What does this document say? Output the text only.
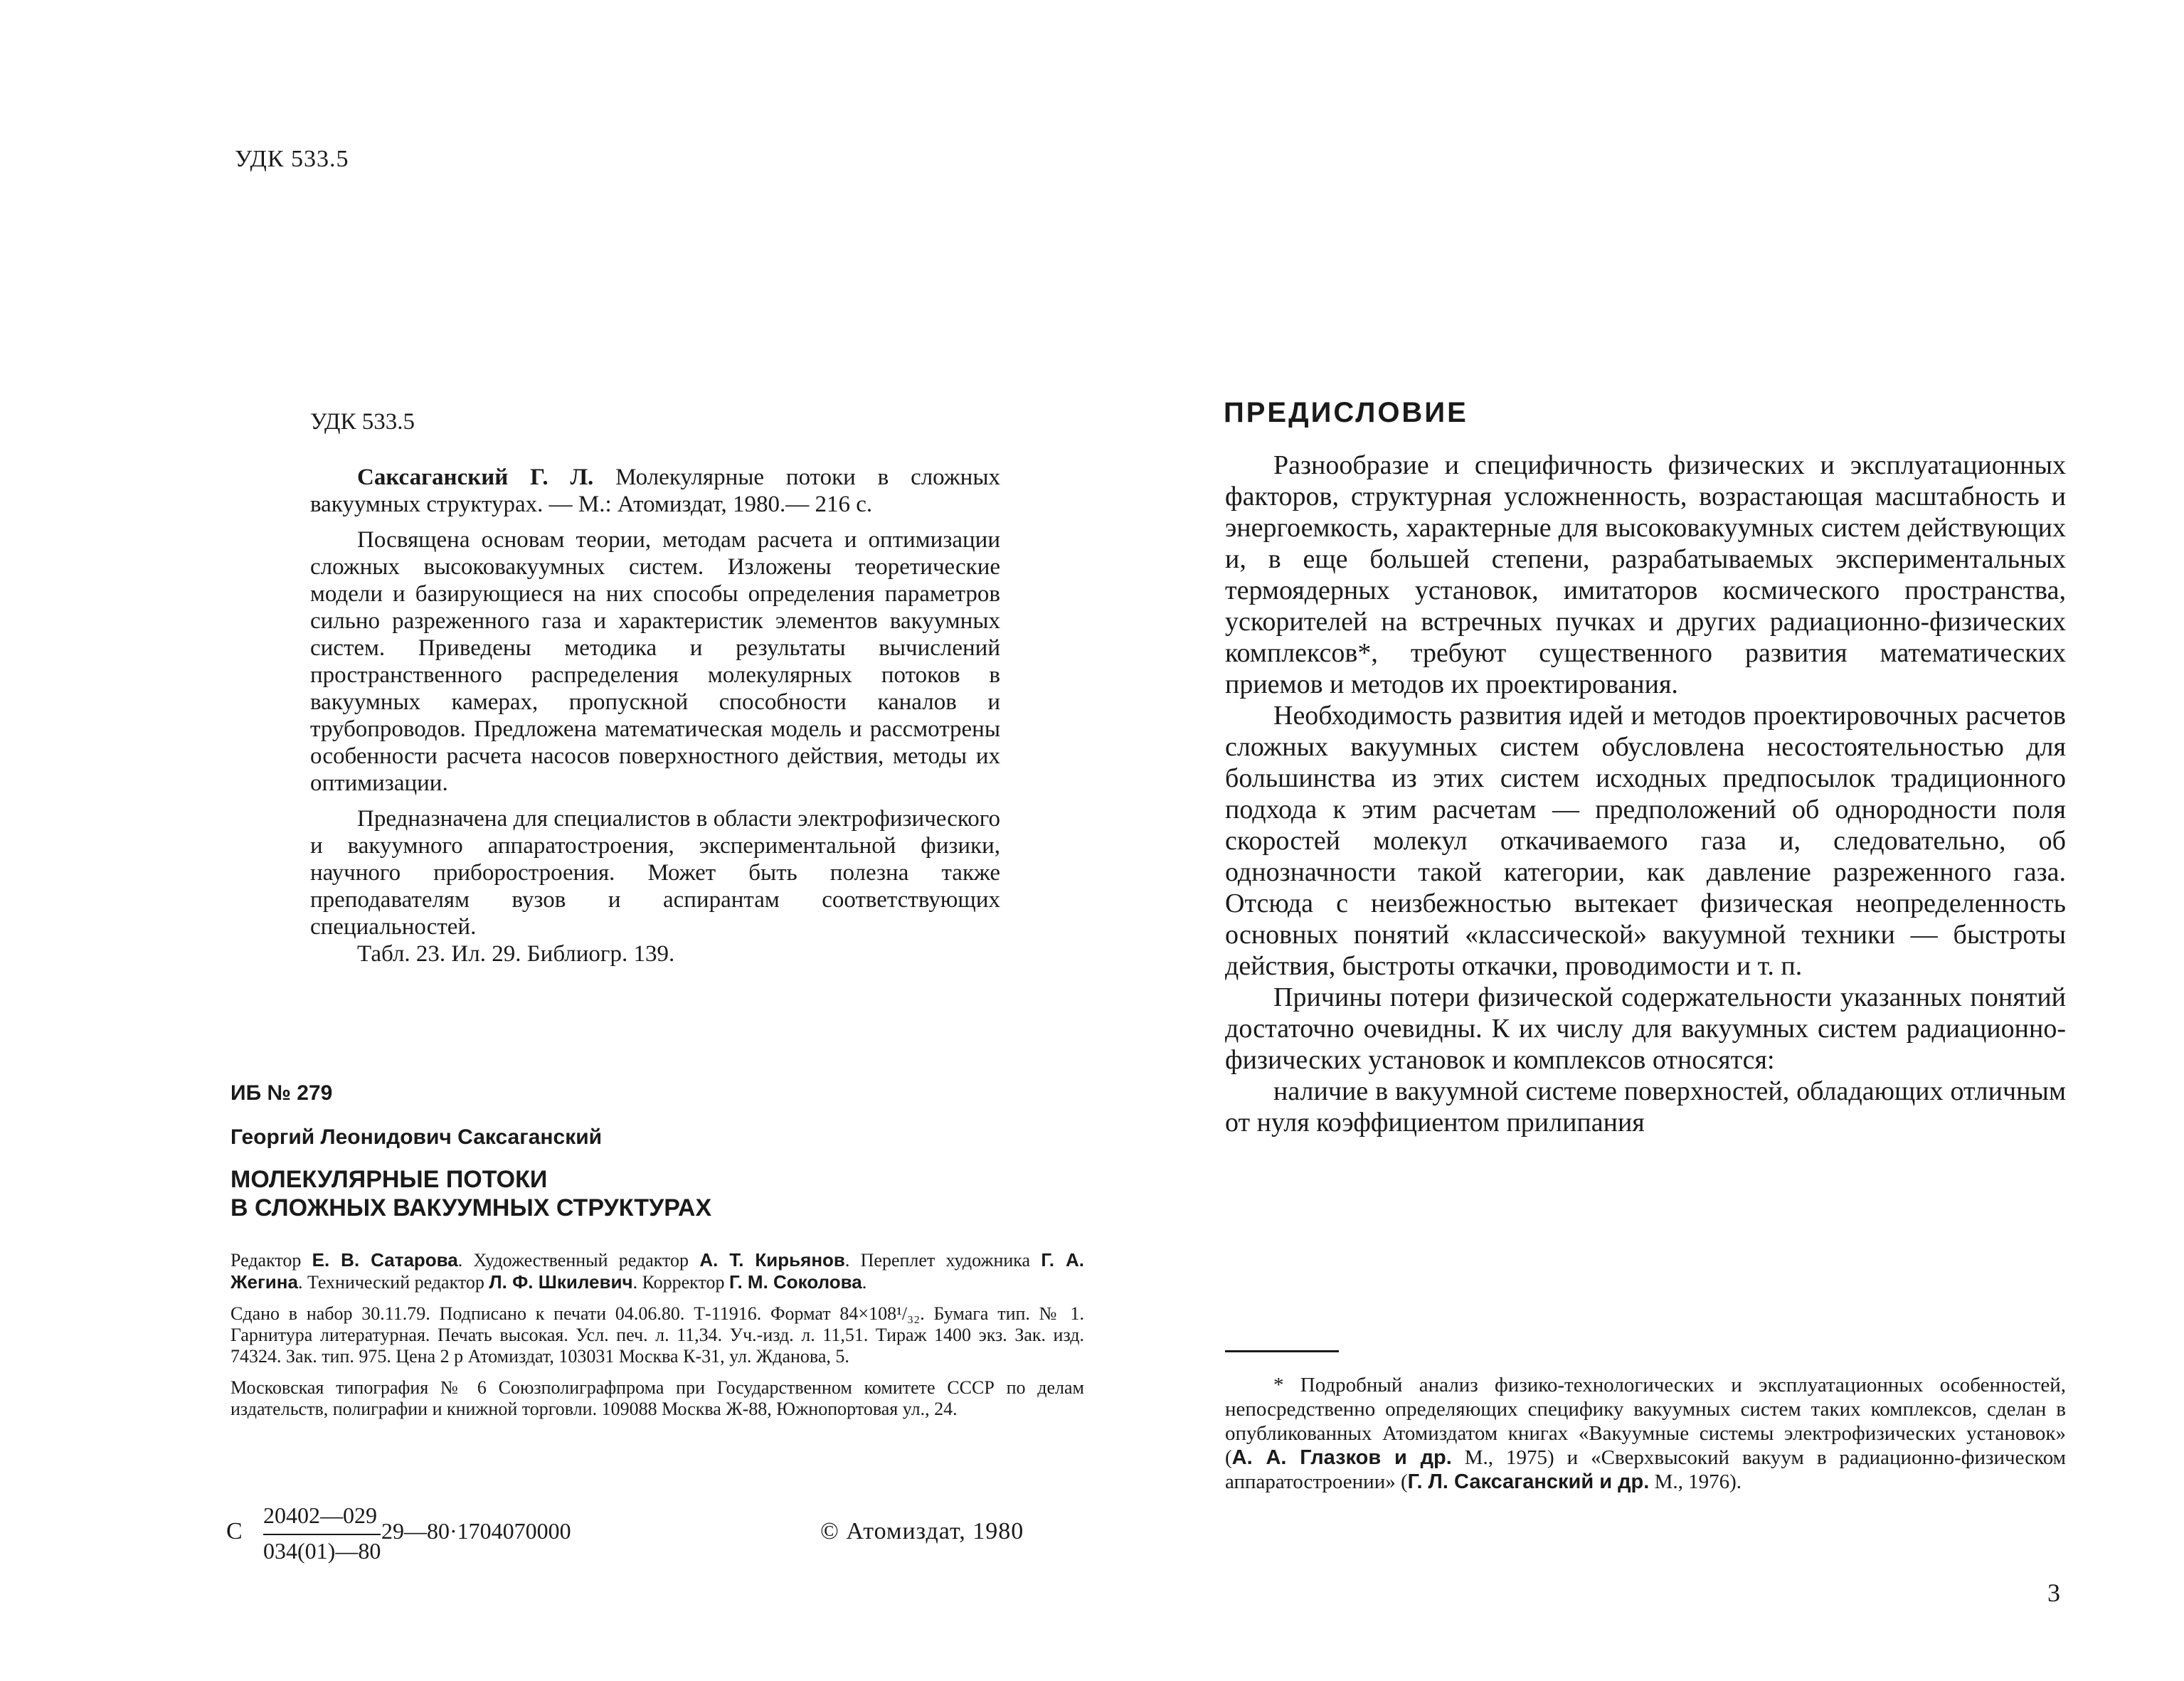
УДК 533.5
УДК 533.5

Саксаганский Г. Л. Молекулярные потоки в сложных вакуумных структурах. — М.: Атомиздат, 1980.— 216 с.

Посвящена основам теории, методам расчета и оптимизации сложных высоковакуумных систем. Изложены теоретические модели и базирующиеся на них способы определения параметров сильно разреженного газа и характеристик элементов вакуумных систем. Приведены методика и результаты вычислений пространственного распределения молекулярных потоков в вакуумных камерах, пропускной способности каналов и трубопроводов. Предложена математическая модель и рассмотрены особенности расчета насосов поверхностного действия, методы их оптимизации.

Предназначена для специалистов в области электрофизического и вакуумного аппаратостроения, экспериментальной физики, научного приборостроения. Может быть полезна также преподавателям вузов и аспирантам соответствующих специальностей.

Табл. 23. Ил. 29. Библиогр. 139.

ИБ № 279
Георгий Леонидович Саксаганский
МОЛЕКУЛЯРНЫЕ ПОТОКИ
В СЛОЖНЫХ ВАКУУМНЫХ СТРУКТУРАХ

Редактор Е. В. Сатарова. Художественный редактор А. Т. Кирьянов. Переплет художника Г. А. Жегина. Технический редактор Л. Ф. Шкилевич. Корректор Г. М. Соколова.

Сдано в набор 30.11.79. Подписано к печати 04.06.80. Т-11916. Формат 84×108¹/₃₂. Бумага тип. № 1. Гарнитура литературная. Печать высокая. Усл. печ. л. 11,34. Уч.-изд. л. 11,51. Тираж 1400 экз. Зак. изд. 74324. Зак. тип. 975. Цена 2 р Атомиздат, 103031 Москва К-31, ул. Жданова, 5.

Московская типография № 6 Союзполиграфпрома при Государственном комитете СССР по делам издательств, полиграфии и книжной торговли. 109088 Москва Ж-88, Южнопортовая ул., 24.

С
20402—029
034(01)—80
29—80·1704070000	© Атомиздат, 1980
ПРЕДИСЛОВИЕ

Разнообразие и специфичность физических и эксплуатационных факторов, структурная усложненность, возрастающая масштабность и энергоемкость, характерные для высоковакуумных систем действующих и, в еще большей степени, разрабатываемых экспериментальных термоядерных установок, имитаторов космического пространства, ускорителей на встречных пучках и других радиационно-физических комплексов*, требуют существенного развития математических приемов и методов их проектирования.

Необходимость развития идей и методов проектировочных расчетов сложных вакуумных систем обусловлена несостоятельностью для большинства из этих систем исходных предпосылок традиционного подхода к этим расчетам — предположений об однородности поля скоростей молекул откачиваемого газа и, следовательно, об однозначности такой категории, как давление разреженного газа. Отсюда с неизбежностью вытекает физическая неопределенность основных понятий «классической» вакуумной техники — быстроты действия, быстроты откачки, проводимости и т. п.

Причины потери физической содержательности указанных понятий достаточно очевидны. К их числу для вакуумных систем радиационно-физических установок и комплексов относятся:

наличие в вакуумной системе поверхностей, обладающих отличным от нуля коэффициентом прилипания

* Подробный анализ физико-технологических и эксплуатационных особенностей, непосредственно определяющих специфику вакуумных систем таких комплексов, сделан в опубликованных Атомиздатом книгах «Вакуумные системы электрофизических установок» (А. А. Глазков и др. М., 1975) и «Сверхвысокий вакуум в радиационно-физическом аппаратостроении» (Г. Л. Саксаганский и др. М., 1976).

3
